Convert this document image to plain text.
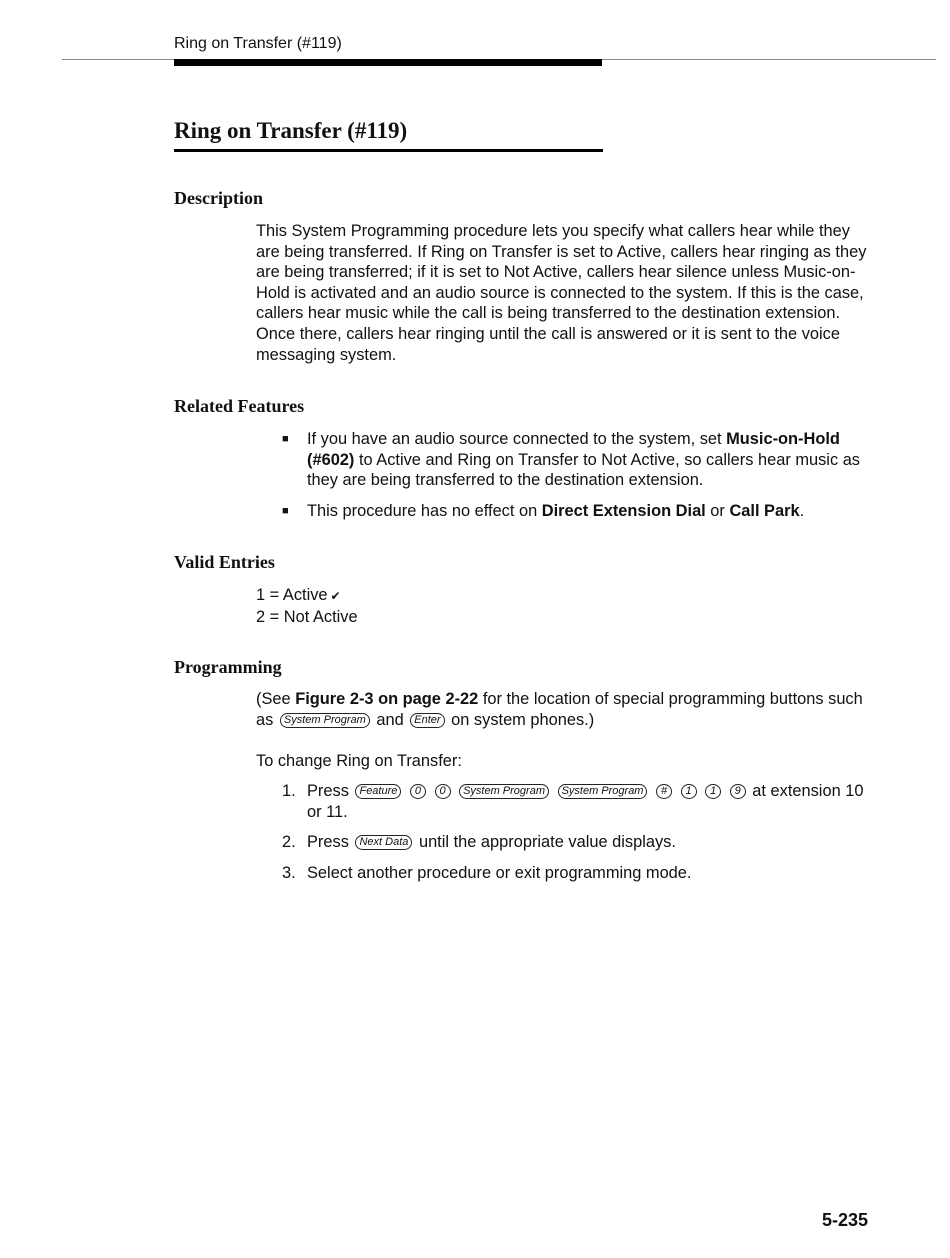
Ring on Transfer (#119)
Ring on Transfer (#119)
Description

This System Programming procedure lets you specify what callers hear while they are being transferred. If Ring on Transfer is set to Active, callers hear ringing as they are being transferred; if it is set to Not Active, callers hear silence unless Music-on-Hold is activated and an audio source is connected to the system. If this is the case, callers hear music while the call is being transferred to the destination extension. Once there, callers hear ringing until the call is answered or it is sent to the voice messaging system.

Related Features
■ If you have an audio source connected to the system, set Music-on-Hold (#602) to Active and Ring on Transfer to Not Active, so callers hear music as they are being transferred to the destination extension.
■ This procedure has no effect on Direct Extension Dial or Call Park.
Valid Entries
1 = Active ✔
2 = Not Active
Programming

(See Figure 2-3 on page 2-22 for the location of special programming buttons such as System Program and Enter on system phones.)

To change Ring on Transfer:

1. Press Feature 0 0 System Program System Program # 1 1 9 at extension 10 or 11.
2. Press Next Data until the appropriate value displays.
3. Select another procedure or exit programming mode.
5-235
